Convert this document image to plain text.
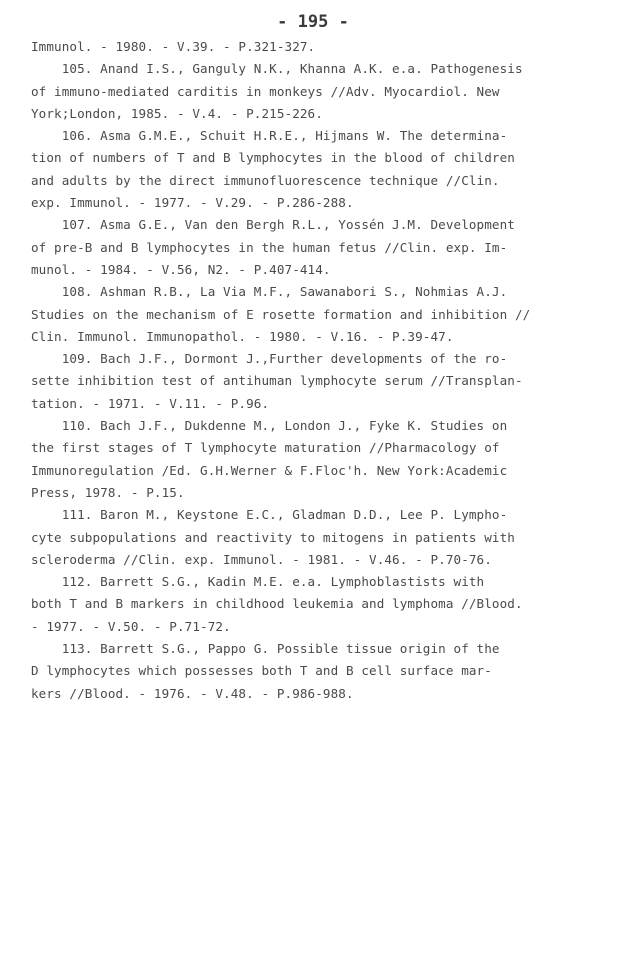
- 195 -
Immunol. - 1980. - V.39. - P.321-327.
105. Anand I.S., Ganguly N.K., Khanna A.K. e.a. Pathogenesis
of immuno-mediated carditis in monkeys //Adv. Myocardiol. New
York;London, 1985. - V.4. - P.215-226.
106. Asma G.M.E., Schuit H.R.E., Hijmans W. The determina-
tion of numbers of T and B lymphocytes in the blood of children
and adults by the direct immunofluorescence technique //Clin.
exp. Immunol. - 1977. - V.29. - P.286-288.
107. Asma G.E., Van den Bergh R.L., Yossén J.M. Development
of pre-B and B lymphocytes in the human fetus //Clin. exp. Im-
munol. - 1984. - V.56, N2. - P.407-414.
108. Ashman R.B., La Via M.F., Sawanabori S., Nohmias A.J.
Studies on the mechanism of E rosette formation and inhibition //
Clin. Immunol. Immunopathol. - 1980. - V.16. - P.39-47.
109. Bach J.F., Dormont J.,Further developments of the ro-
sette inhibition test of antihuman lymphocyte serum //Transplan-
tation. - 1971. - V.11. - P.96.
110. Bach J.F., Dukdenne M., London J., Fyke K. Studies on
the first stages of T lymphocyte maturation //Pharmacology of
Immunoregulation /Ed. G.H.Werner & F.Floc'h. New York:Academic
Press, 1978. - P.15.
111. Baron M., Keystone E.C., Gladman D.D., Lee P. Lympho-
cyte subpopulations and reactivity to mitogens in patients with
scleroderma //Clin. exp. Immunol. - 1981. - V.46. - P.70-76.
112. Barrett S.G., Kadin M.E. e.a. Lymphoblastists with
both T and B markers in childhood leukemia and lymphoma //Blood.
- 1977. - V.50. - P.71-72.
113. Barrett S.G., Pappo G. Possible tissue origin of the
D lymphocytes which possesses both T and B cell surface mar-
kers //Blood. - 1976. - V.48. - P.986-988.
